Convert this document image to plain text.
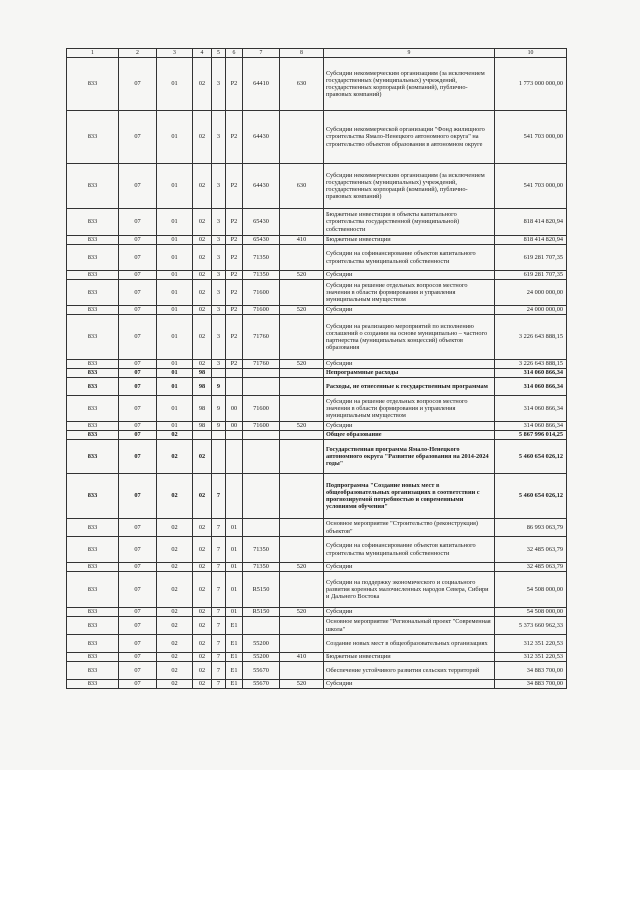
1	2	3	4	5	6	7	8	9	10
833	07	01	02	3	P2	64410	630	Субсидии некоммерческим организациям (за исключением государственных (муниципальных) учреждений, государственных корпораций (компаний), публично-правовых компаний)	1 773 000 000,00
833	07	01	02	3	P2	64430		Субсидии некоммерческой организации "Фонд жилищного строительства Ямало-Ненецкого автономного округа" на строительство объектов образования в автономном округе	541 703 000,00
833	07	01	02	3	P2	64430	630	Субсидии некоммерческим организациям (за исключением государственных (муниципальных) учреждений, государственных корпораций (компаний), публично-правовых компаний)	541 703 000,00
833	07	01	02	3	P2	65430		Бюджетные инвестиции в объекты капитального строительства государственной (муниципальной) собственности	818 414 820,94
833	07	01	02	3	P2	65430	410	Бюджетные инвестиции	818 414 820,94
833	07	01	02	3	P2	71350		Субсидии на софинансирование объектов капитального строительства муниципальной собственности	619 281 707,35
833	07	01	02	3	P2	71350	520	Субсидии	619 281 707,35
833	07	01	02	3	P2	71600		Субсидии на решение отдельных вопросов местного значения в области формирования и управления муниципальным имуществом	24 000 000,00
833	07	01	02	3	P2	71600	520	Субсидии	24 000 000,00
833	07	01	02	3	P2	71760		Субсидии на реализацию мероприятий по исполнению соглашений о создании на основе муниципально – частного партнерства (муниципальных концессий) объектов образования	3 226 643 888,15
833	07	01	02	3	P2	71760	520	Субсидии	3 226 643 888,15
833	07	01	98					Непрограммные расходы	314 060 866,34
833	07	01	98	9				Расходы, не отнесенные к государственным программам	314 060 866,34
833	07	01	98	9	00	71600		Субсидии на решение отдельных вопросов местного значения в области формирования и управления муниципальным имуществом	314 060 866,34
833	07	01	98	9	00	71600	520	Субсидии	314 060 866,34
833	07	02						Общее образование	5 867 996 014,25
833	07	02	02					Государственная программа Ямало-Ненецкого автономного округа "Развитие образования на 2014-2024 годы"	5 460 654 026,12
833	07	02	02	7				Подпрограмма "Создание новых мест в общеобразовательных организациях в соответствии с прогнозируемой потребностью и современными условиями обучения"	5 460 654 026,12
833	07	02	02	7	01			Основное мероприятие "Строительство (реконструкция) объектов"	86 993 063,79
833	07	02	02	7	01	71350		Субсидии на софинансирование объектов капитального строительства муниципальной собственности	32 485 063,79
833	07	02	02	7	01	71350	520	Субсидии	32 485 063,79
833	07	02	02	7	01	R5150		Субсидии на поддержку экономического и социального развития коренных малочисленных народов Севера, Сибири и Дальнего Востока	54 508 000,00
833	07	02	02	7	01	R5150	520	Субсидии	54 508 000,00
833	07	02	02	7	E1			Основное мероприятие "Региональный проект "Современная школа"	5 373 660 962,33
833	07	02	02	7	E1	55200		Создание новых мест в общеобразовательных организациях	312 351 220,53
833	07	02	02	7	E1	55200	410	Бюджетные инвестиции	312 351 220,53
833	07	02	02	7	E1	55670		Обеспечение устойчивого развития сельских территорий	34 883 700,00
833	07	02	02	7	E1	55670	520	Субсидии	34 883 700,00
